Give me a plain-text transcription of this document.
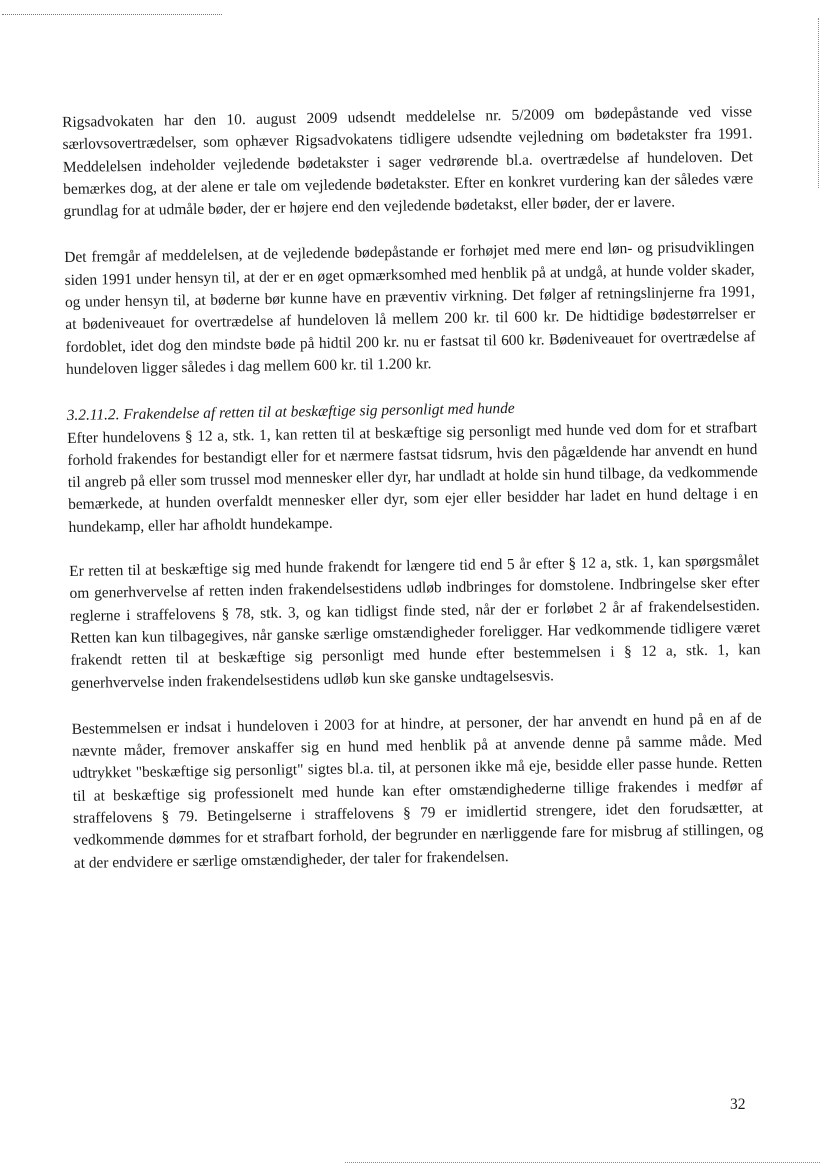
Rigsadvokaten har den 10. august 2009 udsendt meddelelse nr. 5/2009 om bødepåstande ved visse særlovsovertrædelser, som ophæver Rigsadvokatens tidligere udsendte vejledning om bødetakster fra 1991. Meddelelsen indeholder vejledende bødetakster i sager vedrørende bl.a. overtrædelse af hundeloven. Det bemærkes dog, at der alene er tale om vejledende bødetakster. Efter en konkret vurdering kan der således være grundlag for at udmåle bøder, der er højere end den vejledende bødetakst, eller bøder, der er lavere.

Det fremgår af meddelelsen, at de vejledende bødepåstande er forhøjet med mere end løn- og prisudviklingen siden 1991 under hensyn til, at der er en øget opmærksomhed med henblik på at undgå, at hunde volder skader, og under hensyn til, at bøderne bør kunne have en præventiv virkning. Det følger af retningslinjerne fra 1991, at bødeniveauet for overtrædelse af hundeloven lå mellem 200 kr. til 600 kr. De hidtidige bødestørrelser er fordoblet, idet dog den mindste bøde på hidtil 200 kr. nu er fastsat til 600 kr. Bødeniveauet for overtrædelse af hundeloven ligger således i dag mellem 600 kr. til 1.200 kr.

3.2.11.2. Frakendelse af retten til at beskæftige sig personligt med hunde

Efter hundelovens § 12 a, stk. 1, kan retten til at beskæftige sig personligt med hunde ved dom for et strafbart forhold frakendes for bestandigt eller for et nærmere fastsat tidsrum, hvis den pågældende har anvendt en hund til angreb på eller som trussel mod mennesker eller dyr, har undladt at holde sin hund tilbage, da vedkommende bemærkede, at hunden overfaldt mennesker eller dyr, som ejer eller besidder har ladet en hund deltage i en hundekamp, eller har afholdt hundekampe.

Er retten til at beskæftige sig med hunde frakendt for længere tid end 5 år efter § 12 a, stk. 1, kan spørgsmålet om generhvervelse af retten inden frakendelsestidens udløb indbringes for domstolene. Indbringelse sker efter reglerne i straffelovens § 78, stk. 3, og kan tidligst finde sted, når der er forløbet 2 år af frakendelsestiden. Retten kan kun tilbagegives, når ganske særlige omstændigheder foreligger. Har vedkommende tidligere været frakendt retten til at beskæftige sig personligt med hunde efter bestemmelsen i § 12 a, stk. 1, kan generhvervelse inden frakendelsestidens udløb kun ske ganske undtagelsesvis.

Bestemmelsen er indsat i hundeloven i 2003 for at hindre, at personer, der har anvendt en hund på en af de nævnte måder, fremover anskaffer sig en hund med henblik på at anvende denne på samme måde. Med udtrykket "beskæftige sig personligt" sigtes bl.a. til, at personen ikke må eje, besidde eller passe hunde. Retten til at beskæftige sig professionelt med hunde kan efter omstændighederne tillige frakendes i medfør af straffelovens § 79. Betingelserne i straffelovens § 79 er imidlertid strengere, idet den forudsætter, at vedkommende dømmes for et strafbart forhold, der begrunder en nærliggende fare for misbrug af stillingen, og at der endvidere er særlige omstændigheder, der taler for frakendelsen.

32
